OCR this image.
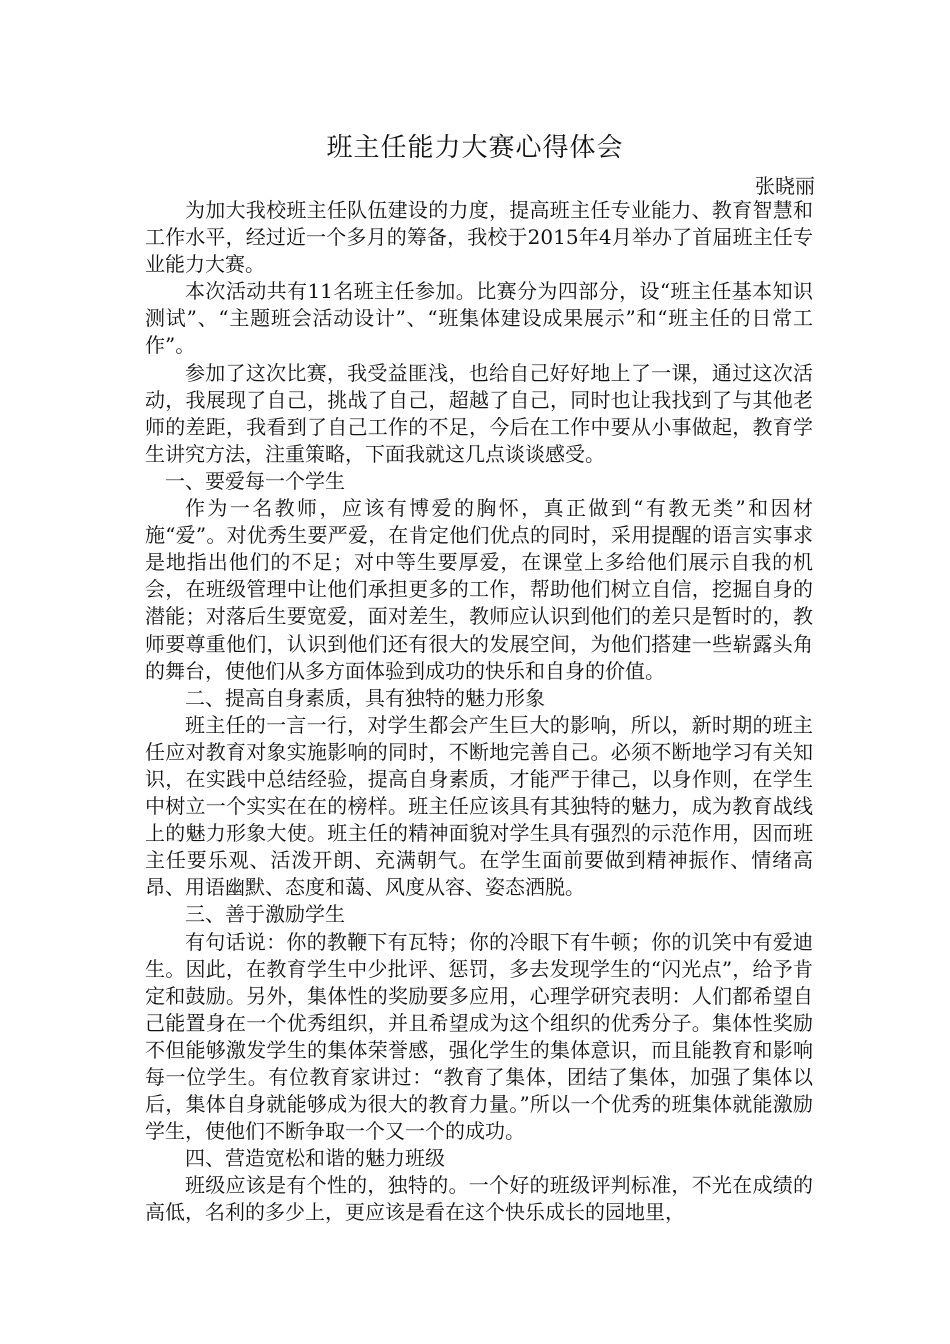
班主任能力大赛心得体会

张晓丽

为加大我校班主任队伍建设的力度，提高班主任专业能力、教育智慧和工作水平，经过近一个多月的筹备，我校于2015年4月举办了首届班主任专业能力大赛。

本次活动共有11名班主任参加。比赛分为四部分，设“班主任基本知识测试”、“主题班会活动设计”、“班集体建设成果展示”和“班主任的日常工作”。

参加了这次比赛，我受益匪浅，也给自己好好地上了一课，通过这次活动，我展现了自己，挑战了自己，超越了自己，同时也让我找到了与其他老师的差距，我看到了自己工作的不足，今后在工作中要从小事做起，教育学生讲究方法，注重策略，下面我就这几点谈谈感受。

一、要爱每一个学生

作为一名教师，应该有博爱的胸怀，真正做到“有教无类”和因材施“爱”。对优秀生要严爱，在肯定他们优点的同时，采用提醒的语言实事求是地指出他们的不足；对中等生要厚爱，在课堂上多给他们展示自我的机会，在班级管理中让他们承担更多的工作，帮助他们树立自信，挖掘自身的潜能；对落后生要宽爱，面对差生，教师应认识到他们的差只是暂时的，教师要尊重他们，认识到他们还有很大的发展空间，为他们搭建一些崭露头角的舞台，使他们从多方面体验到成功的快乐和自身的价值。

二、提高自身素质，具有独特的魅力形象

班主任的一言一行，对学生都会产生巨大的影响，所以，新时期的班主任应对教育对象实施影响的同时，不断地完善自己。必须不断地学习有关知识，在实践中总结经验，提高自身素质，才能严于律己，以身作则，在学生中树立一个实实在在的榜样。班主任应该具有其独特的魅力，成为教育战线上的魅力形象大使。班主任的精神面貌对学生具有强烈的示范作用，因而班主任要乐观、活泼开朗、充满朝气。在学生面前要做到精神振作、情绪高昂、用语幽默、态度和蔼、风度从容、姿态洒脱。

三、善于激励学生

有句话说：你的教鞭下有瓦特；你的冷眼下有牛顿；你的讥笑中有爱迪生。因此，在教育学生中少批评、惩罚，多去发现学生的“闪光点”，给予肯定和鼓励。另外，集体性的奖励要多应用，心理学研究表明：人们都希望自己能置身在一个优秀组织，并且希望成为这个组织的优秀分子。集体性奖励不但能够激发学生的集体荣誉感，强化学生的集体意识，而且能教育和影响每一位学生。有位教育家讲过：“教育了集体，团结了集体，加强了集体以后，集体自身就能够成为很大的教育力量。”所以一个优秀的班集体就能激励学生，使他们不断争取一个又一个的成功。

四、营造宽松和谐的魅力班级

班级应该是有个性的，独特的。一个好的班级评判标准，不光在成绩的高低，名利的多少上，更应该是看在这个快乐成长的园地里，
